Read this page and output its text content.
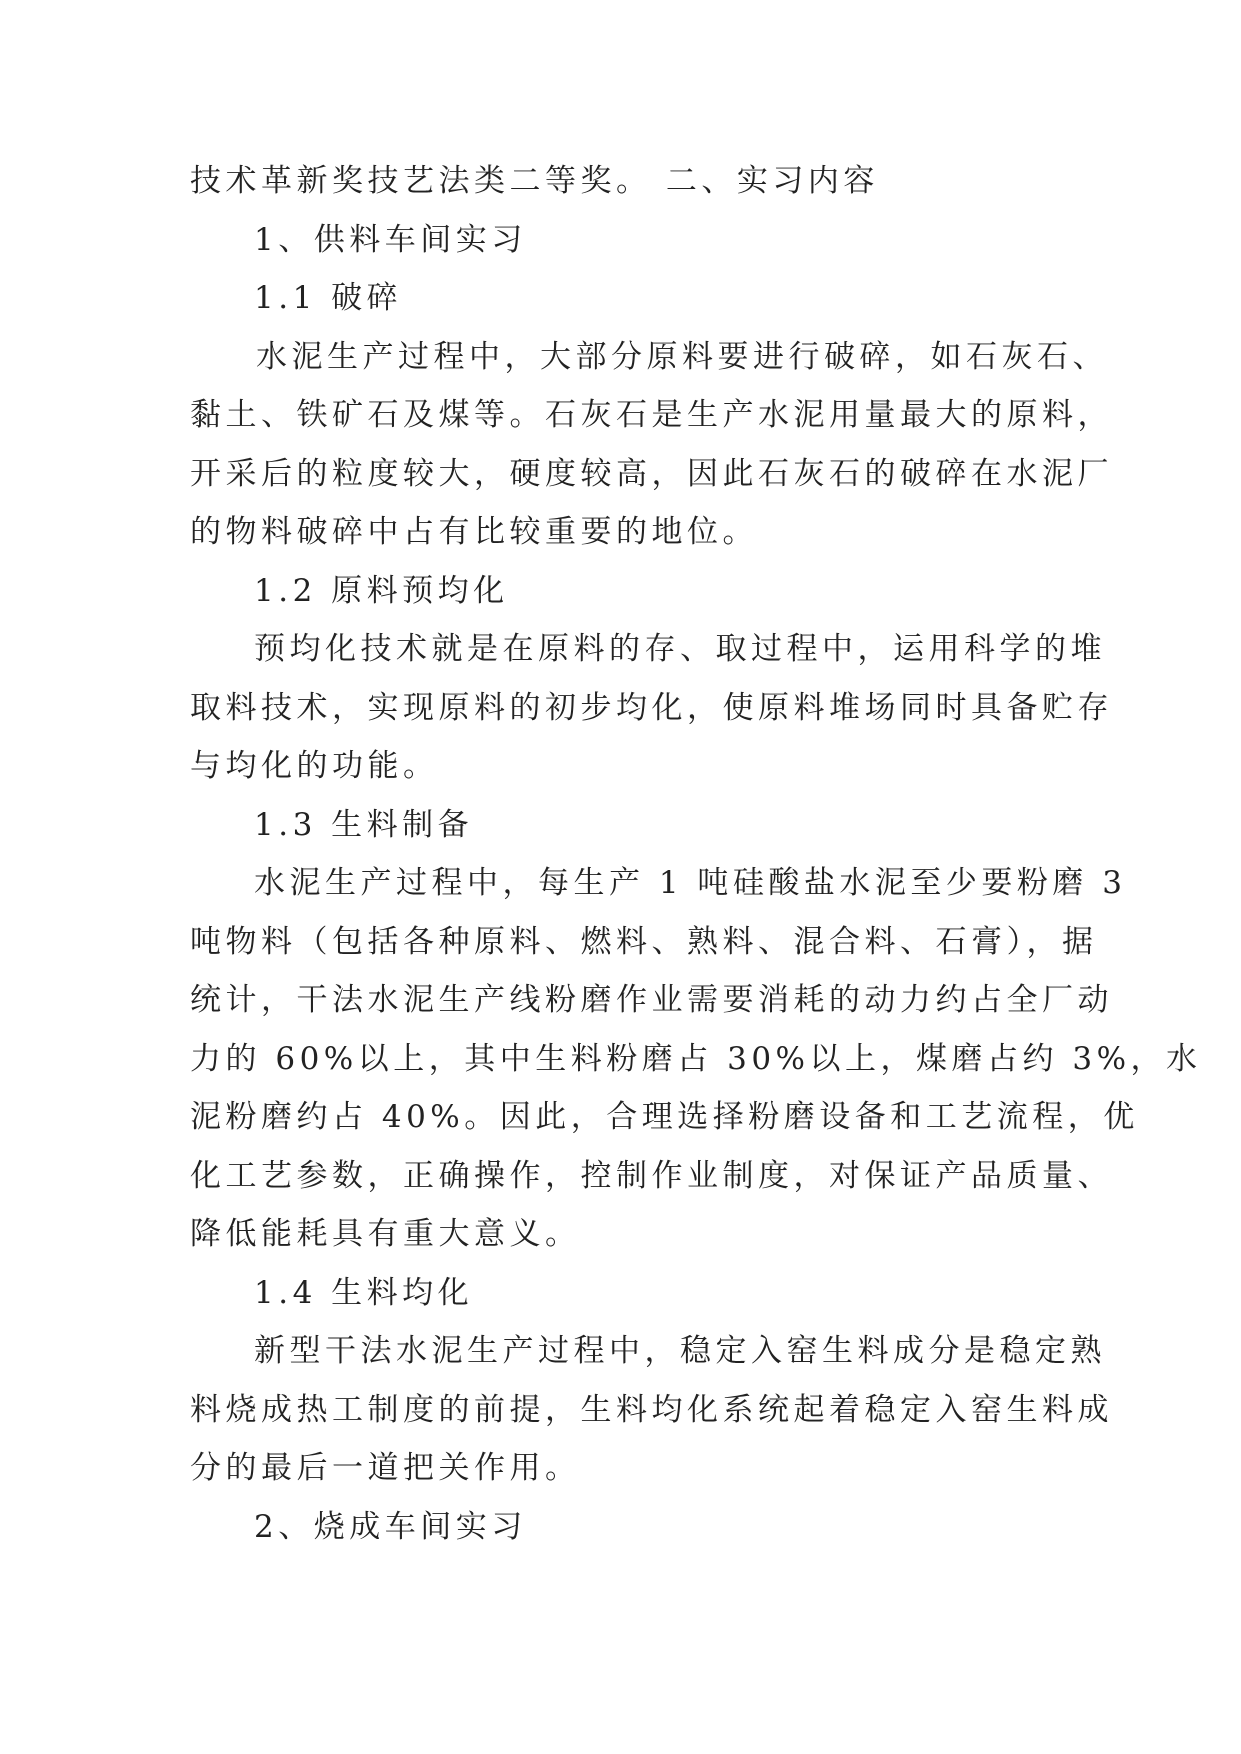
技术革新奖技艺法类二等奖。 二、实习内容
1、供料车间实习
1.1 破碎
水泥生产过程中，大部分原料要进行破碎，如石灰石、
黏土、铁矿石及煤等。石灰石是生产水泥用量最大的原料，
开采后的粒度较大，硬度较高，因此石灰石的破碎在水泥厂
的物料破碎中占有比较重要的地位。
1.2 原料预均化
预均化技术就是在原料的存、取过程中，运用科学的堆
取料技术，实现原料的初步均化，使原料堆场同时具备贮存
与均化的功能。
1.3 生料制备
水泥生产过程中，每生产 1 吨硅酸盐水泥至少要粉磨 3
吨物料（包括各种原料、燃料、熟料、混合料、石膏），据
统计，干法水泥生产线粉磨作业需要消耗的动力约占全厂动
力的 60%以上，其中生料粉磨占 30%以上，煤磨占约 3%，水
泥粉磨约占 40%。因此，合理选择粉磨设备和工艺流程，优
化工艺参数，正确操作，控制作业制度，对保证产品质量、
降低能耗具有重大意义。
1.4 生料均化
新型干法水泥生产过程中，稳定入窑生料成分是稳定熟
料烧成热工制度的前提，生料均化系统起着稳定入窑生料成
分的最后一道把关作用。
2、烧成车间实习
